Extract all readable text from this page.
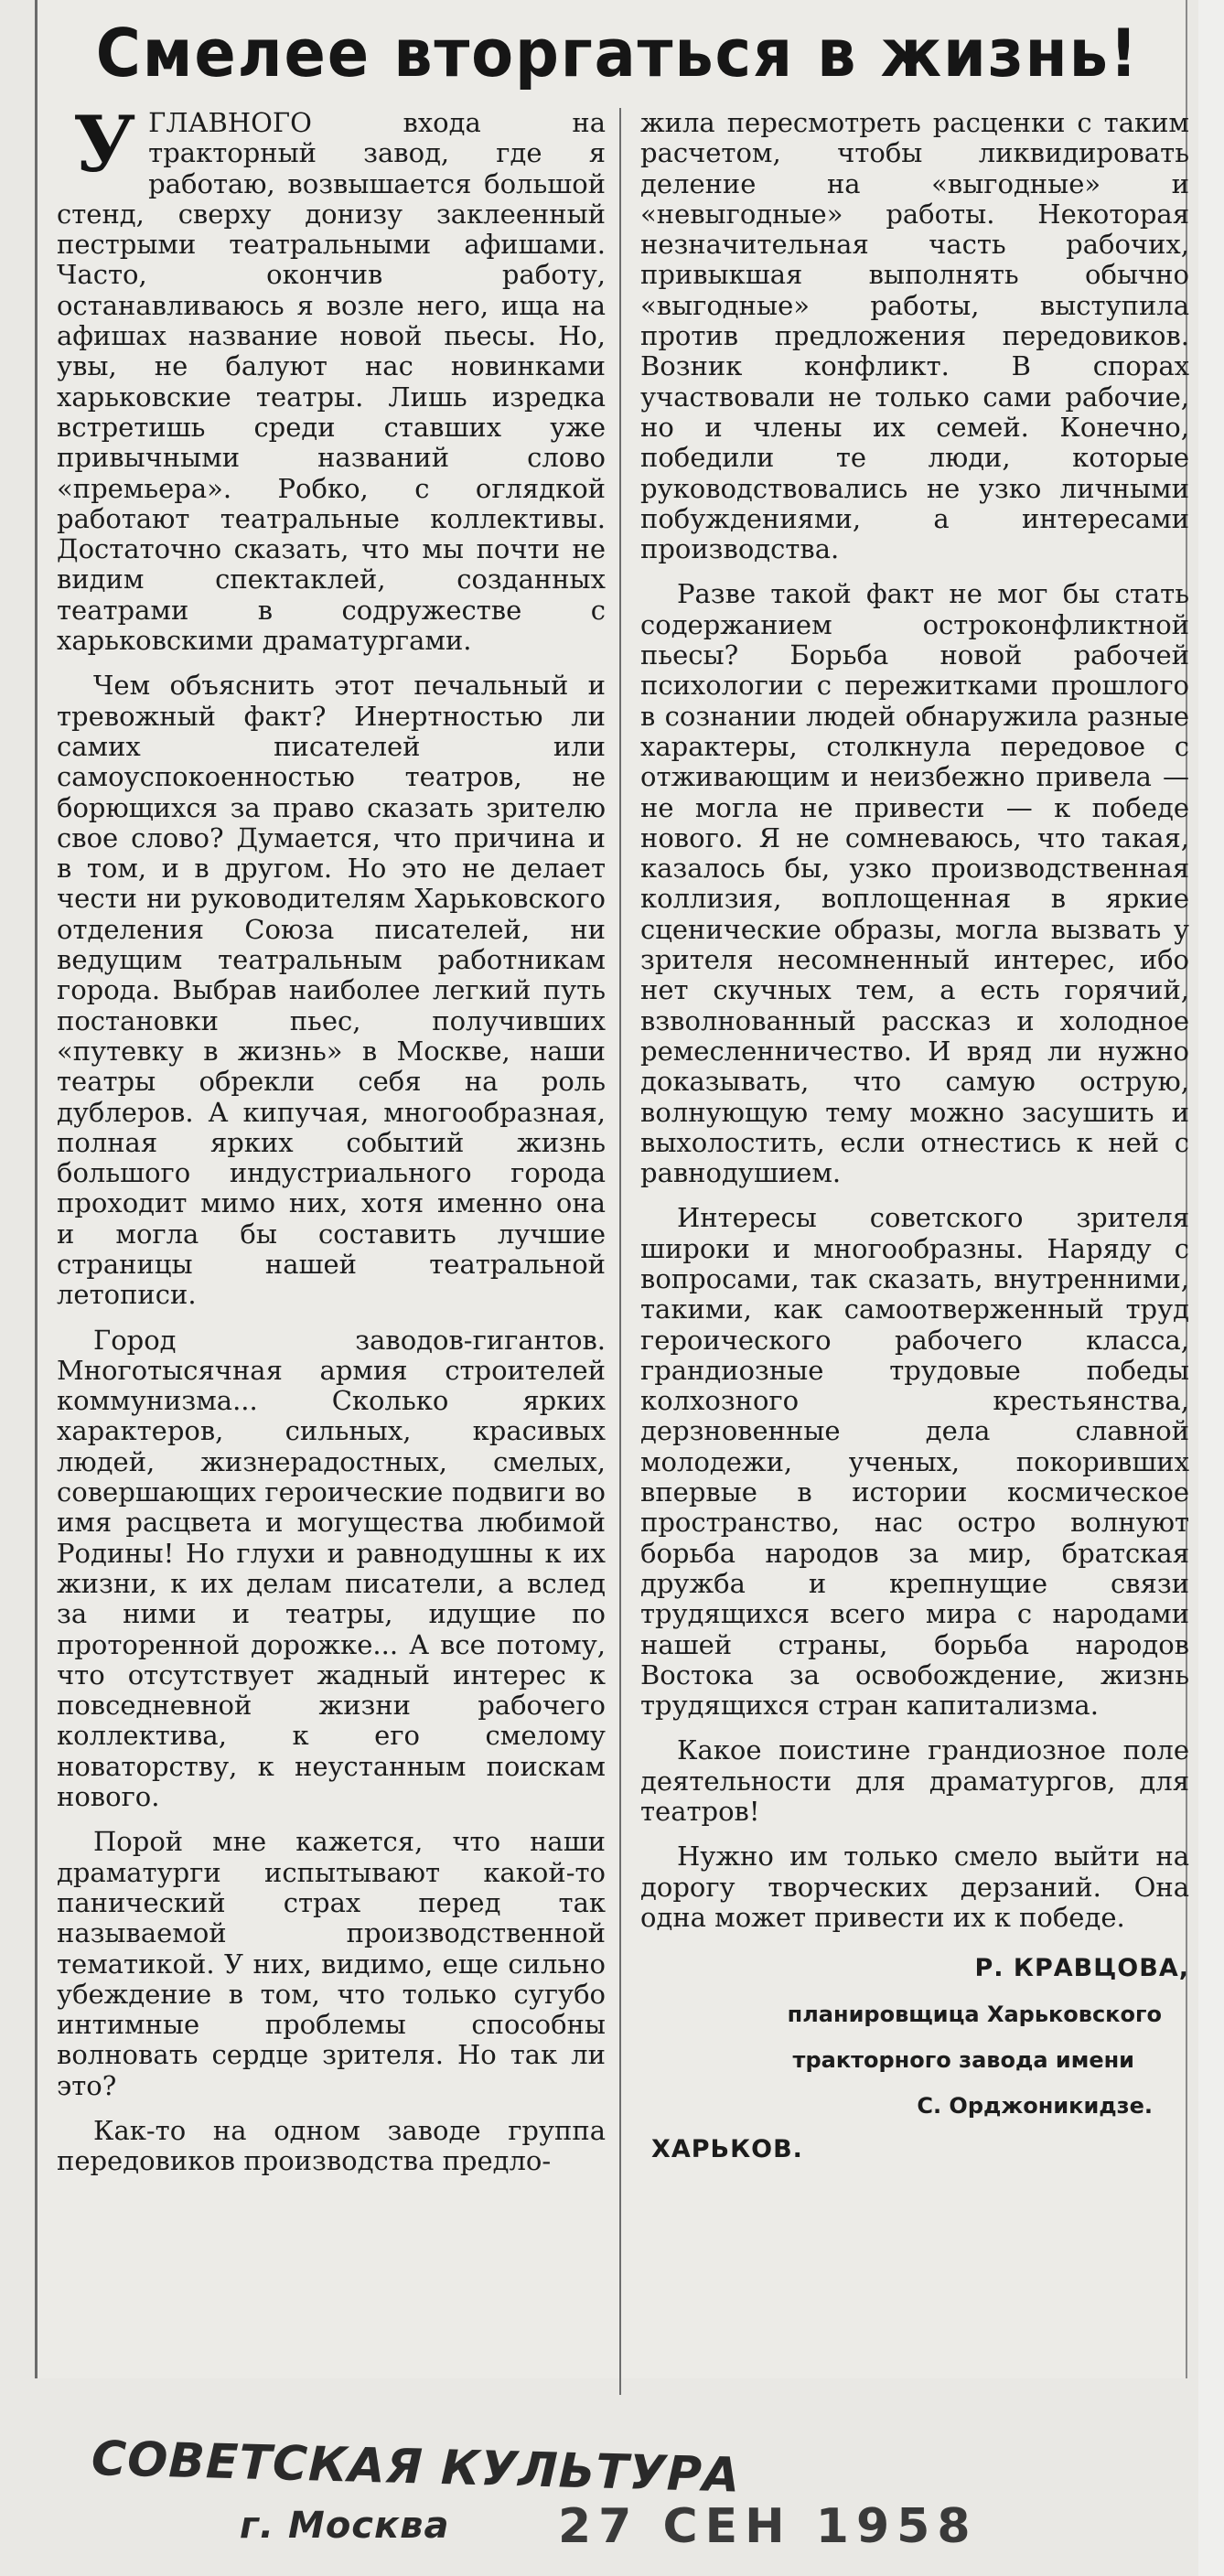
Смелее вторгаться в жизнь!

УГЛАВНОГО входа на тракторный завод, где я работаю, возвышается большой стенд, сверху донизу заклеенный пестрыми театральными афишами. Часто, окончив работу, останавливаюсь я возле него, ища на афишах название новой пьесы. Но, увы, не балуют нас новинками харьковские театры. Лишь изредка встретишь среди ставших уже привычными названий слово «премьера». Робко, с оглядкой работают театральные коллективы. Достаточно сказать, что мы почти не видим спектаклей, созданных театрами в содружестве с харьковскими драматургами.

Чем объяснить этот печальный и тревожный факт? Инертностью ли самих писателей или самоуспокоенностью театров, не борющихся за право сказать зрителю свое слово? Думается, что причина и в том, и в другом. Но это не делает чести ни руководителям Харьковского отделения Союза писателей, ни ведущим театральным работникам города. Выбрав наиболее легкий путь постановки пьес, получивших «путевку в жизнь» в Москве, наши театры обрекли себя на роль дублеров. А кипучая, многообразная, полная ярких событий жизнь большого индустриального города проходит мимо них, хотя именно она и могла бы составить лучшие страницы нашей театральной летописи.

Город заводов-гигантов. Многотысячная армия строителей коммунизма... Сколько ярких характеров, сильных, красивых людей, жизнерадостных, смелых, совершающих героические подвиги во имя расцвета и могущества любимой Родины! Но глухи и равнодушны к их жизни, к их делам писатели, а вслед за ними и театры, идущие по проторенной дорожке... А все потому, что отсутствует жадный интерес к повседневной жизни рабочего коллектива, к его смелому новаторству, к неустанным поискам нового.

Порой мне кажется, что наши драматурги испытывают какой-то панический страх перед так называемой производственной тематикой. У них, видимо, еще сильно убеждение в том, что только сугубо интимные проблемы способны волновать сердце зрителя. Но так ли это?

Как-то на одном заводе группа передовиков производства предло-

жила пересмотреть расценки с таким расчетом, чтобы ликвидировать деление на «выгодные» и «невыгодные» работы. Некоторая незначительная часть рабочих, привыкшая выполнять обычно «выгодные» работы, выступила против предложения передовиков. Возник конфликт. В спорах участвовали не только сами рабочие, но и члены их семей. Конечно, победили те люди, которые руководствовались не узко личными побуждениями, а интересами производства.

Разве такой факт не мог бы стать содержанием остроконфликтной пьесы? Борьба новой рабочей психологии с пережитками прошлого в сознании людей обнаружила разные характеры, столкнула передовое с отживающим и неизбежно привела — не могла не привести — к победе нового. Я не сомневаюсь, что такая, казалось бы, узко производственная коллизия, воплощенная в яркие сценические образы, могла вызвать у зрителя несомненный интерес, ибо нет скучных тем, а есть горячий, взволнованный рассказ и холодное ремесленничество. И вряд ли нужно доказывать, что самую острую, волнующую тему можно засушить и выхолостить, если отнестись к ней с равнодушием.

Интересы советского зрителя широки и многообразны. Наряду с вопросами, так сказать, внутренними, такими, как самоотверженный труд героического рабочего класса, грандиозные трудовые победы колхозного крестьянства, дерзновенные дела славной молодежи, ученых, покоривших впервые в истории космическое пространство, нас остро волнуют борьба народов за мир, братская дружба и крепнущие связи трудящихся всего мира с народами нашей страны, борьба народов Востока за освобождение, жизнь трудящихся стран капитализма.

Какое поистине грандиозное поле деятельности для драматургов, для театров!

Нужно им только смело выйти на дорогу творческих дерзаний. Она одна может привести их к победе.

Р. КРАВЦОВА,
планировщица Харьковского
тракторного завода имени
С. Орджоникидзе.
ХАРЬКОВ.
СОВЕТСКАЯ КУЛЬТУРА
г. Москва 27 СЕН 1958
